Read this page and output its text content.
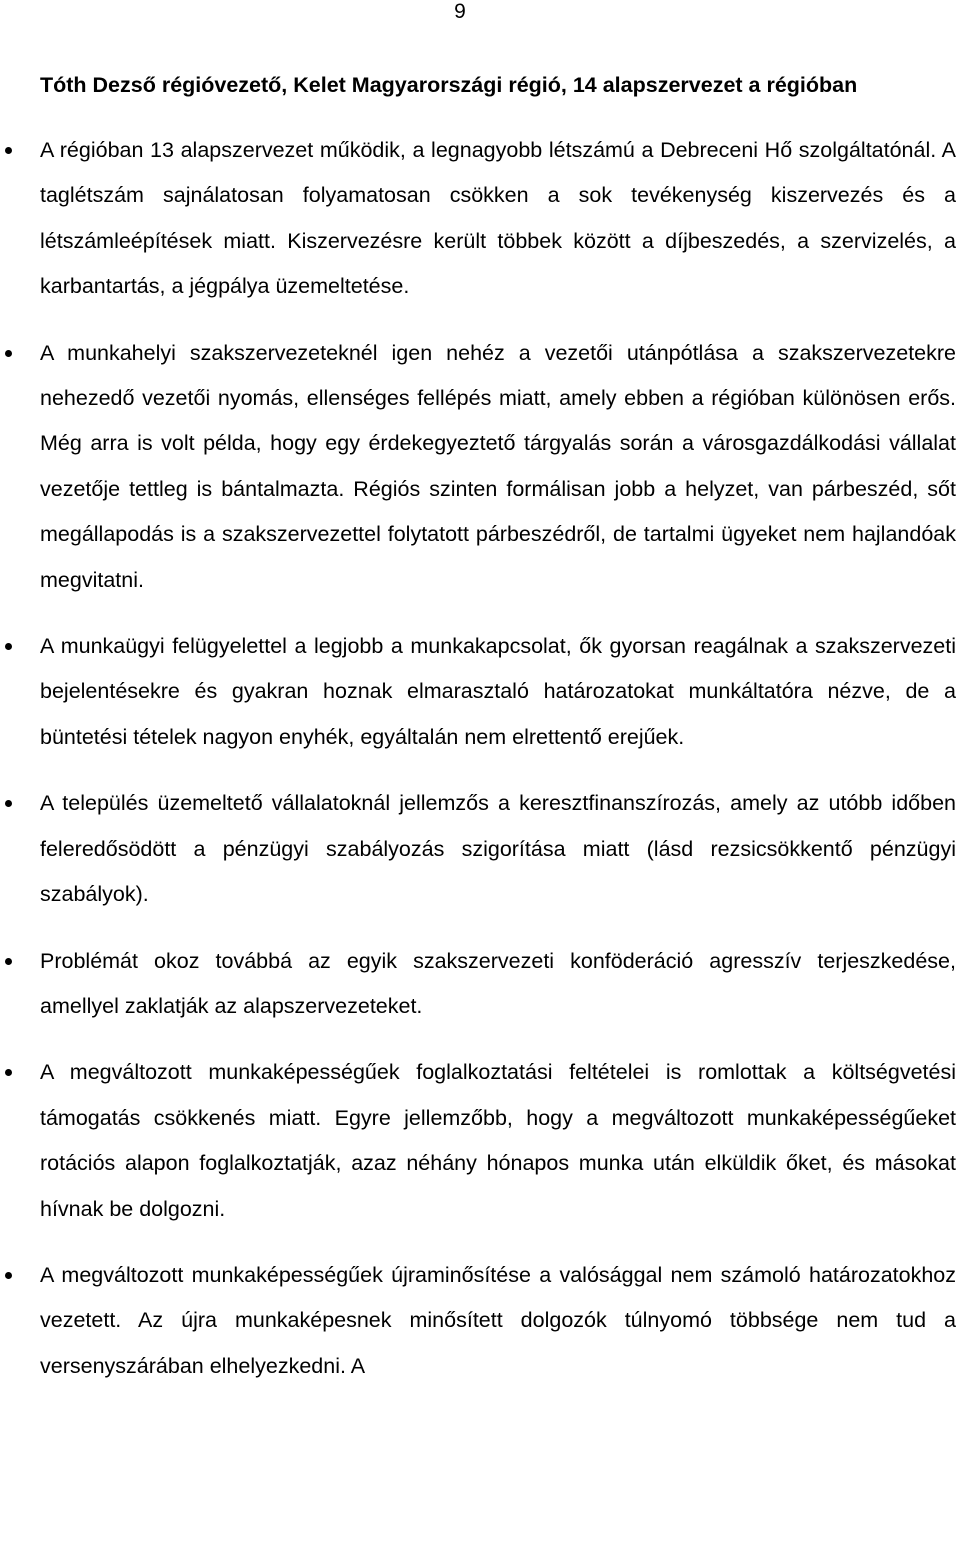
9

Tóth Dezső régióvezető, Kelet Magyarországi régió, 14 alapszervezet a régióban

A régióban 13 alapszervezet működik, a legnagyobb létszámú a Debreceni Hő szolgáltatónál. A taglétszám sajnálatosan folyamatosan csökken a sok tevékenység kiszervezés és a létszámleépítések miatt. Kiszervezésre került többek között a díjbeszedés, a szervizelés, a karbantartás, a jégpálya üzemeltetése.
A munkahelyi szakszervezeteknél igen nehéz a vezetői utánpótlása a szakszervezetekre nehezedő vezetői nyomás, ellenséges fellépés miatt, amely ebben a régióban különösen erős. Még arra is volt példa, hogy egy érdekegyeztető tárgyalás során a városgazdálkodási vállalat vezetője tettleg is bántalmazta. Régiós szinten formálisan jobb a helyzet, van párbeszéd, sőt megállapodás is a szakszervezettel folytatott párbeszédről, de tartalmi ügyeket nem hajlandóak megvitatni.
A munkaügyi felügyelettel a legjobb a munkakapcsolat, ők gyorsan reagálnak a szakszervezeti bejelentésekre és gyakran hoznak elmarasztaló határozatokat munkáltatóra nézve, de a büntetési tételek nagyon enyhék, egyáltalán nem elrettentő erejűek.
A település üzemeltető vállalatoknál jellemzős a keresztfinanszírozás, amely az utóbb időben feleredősödött a pénzügyi szabályozás szigorítása miatt (lásd rezsicsökkentő pénzügyi szabályok).
Problémát okoz továbbá az egyik szakszervezeti konföderáció agresszív terjeszkedése, amellyel zaklatják az alapszervezeteket.
A megváltozott munkaképességűek foglalkoztatási feltételei is romlottak a költségvetési támogatás csökkenés miatt. Egyre jellemzőbb, hogy a megváltozott munkaképességűeket rotációs alapon foglalkoztatják, azaz néhány hónapos munka után elküldik őket, és másokat hívnak be dolgozni.
A megváltozott munkaképességűek újraminősítése a valósággal nem számoló határozatokhoz vezetett. Az újra munkaképesnek minősített dolgozók túlnyomó többsége nem tud a versenyszárában elhelyezkedni. A
